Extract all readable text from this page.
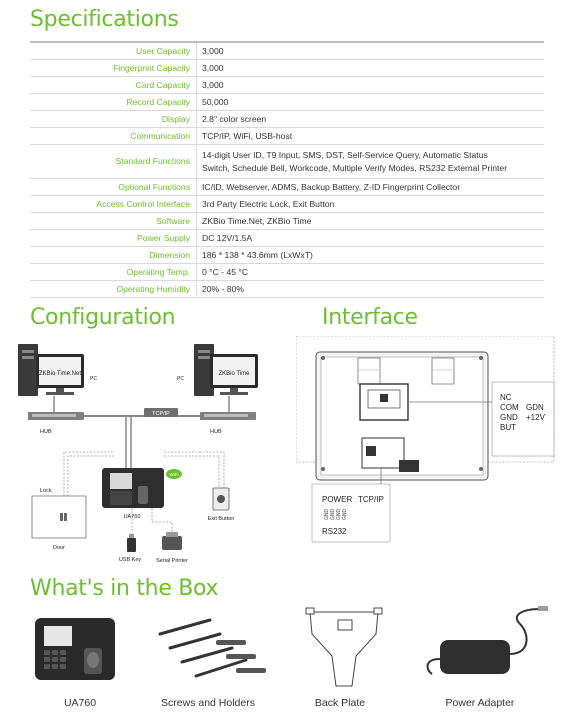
Specifications
User Capacity	3,000
Fingerprint Capacity	3,000
Card Capacity	3,000
Record Capacity	50,000
Display	2.8" color screen
Communication	TCP/IP, WiFi, USB-host
Standard Functions	14-digit User ID, T9 Input, SMS, DST, Self-Service Query, Automatic Status
Switch, Schedule Bell, Workcode, Multiple Verify Modes, RS232 External Printer

Optional Functions	IC/ID, Webserver, ADMS, Backup Battery, Z-ID Fingerprint Collector
Access Control Interface	3rd Party Electric Lock, Exit Button
Software	ZKBio Time.Net, ZKBio Time
Power Supply	DC 12V/1.5A
Dimension	186 * 138 * 43.6mm (LxWxT)
Operating Temp.	0 °C - 45 °C
Operating Humidity	20% - 80%
Configuration	Interface
ZKBio Time.Net
PC
ZKBio Time
PC
HUB	HUB
TCP/IP
UA760
WiFi
Lock
Door
Exit Button
USB Key	Serial Printer
NC
COM
GND
BUT
GDN
+12V
POWER TCP/IP
GND GND GND GND
RS232
What's in the Box
UA760	Screws and Holders	Back Plate	Power Adapter
